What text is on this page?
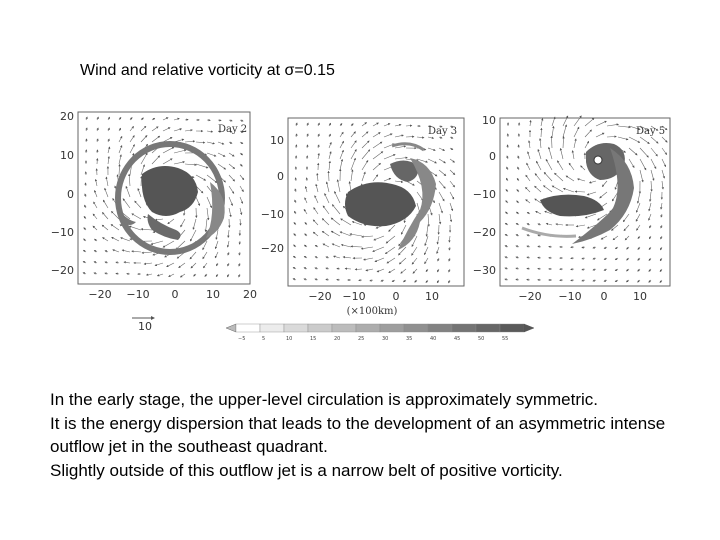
Wind and relative vorticity at σ=0.15
Day 2
−20 −10 0	10 20
20
10
0
−10
−20
Day 3
−20 −10 0 10
10
0
−10
−20
Day 5
−20 −10 0 10
10
0
−10
−20
−30
(×100km)
10
−5	5	10	15	20	25	30	35	40	45	50	55

In the early stage, the upper-level circulation is approximately symmetric.

It is the energy dispersion that leads to the development of an asymmetric intense outflow jet in the southeast quadrant.

Slightly outside of this outflow jet is a narrow belt of positive vorticity.
